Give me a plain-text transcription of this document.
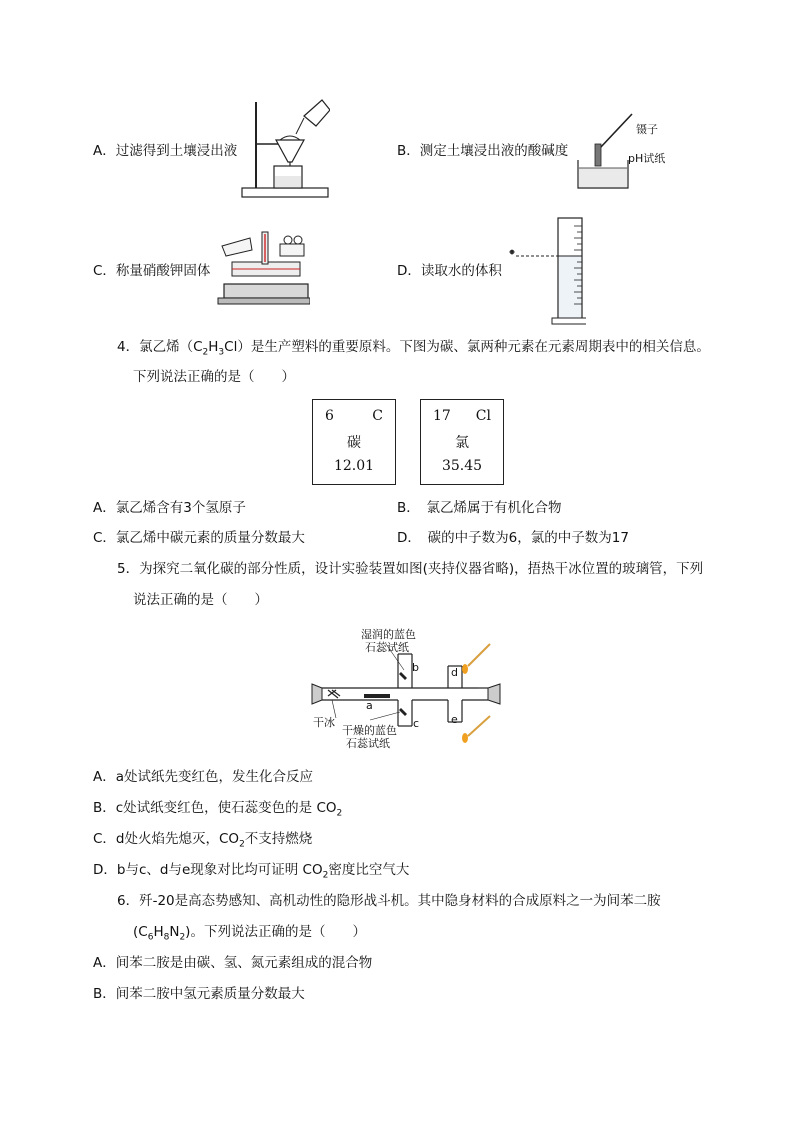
A．过滤得到土壤浸出液	B．测定土壤浸出液的酸碱度
镊子
pH试纸
C．称量硝酸钾固体	D．读取水的体积
4．氯乙烯$(C_2H_3Cl)$是生产塑料的重要原料。下图为碳、氯两种元素在元素周期表中的相关信息。
下列说法正确的是（　　）
6	C
碳
12.01
17 Cl
氯
35.45
A．氯乙烯含有3个氢原子	B．　氯乙烯属于有机化合物
C．氯乙烯中碳元素的质量分数最大	D．　碳的中子数为6，氯的中子数为17
5．为探究二氧化碳的部分性质，设计实验装置如图(夹持仪器省略)，捂热干冰位置的玻璃管，下列
说法正确的是（　　）
湿润的蓝色
石蕊试纸
b	d
a
干冰
干燥的蓝色
石蕊试纸
c	e
A．a处试纸先变红色，发生化合反应
B．c处试纸变红色，使石蕊变色的是 $CO_2$
C．d处火焰先熄灭，$CO_2$不支持燃烧
D．b与c、d与e现象对比均可证明 $CO_2$密度比空气大
6．歼-20是高态势感知、高机动性的隐形战斗机。其中隐身材料的合成原料之一为间苯二胺
$(C_6H_8N_2)$。下列说法正确的是（　　）
A．间苯二胺是由碳、氢、氮元素组成的混合物
B．间苯二胺中氢元素质量分数最大
